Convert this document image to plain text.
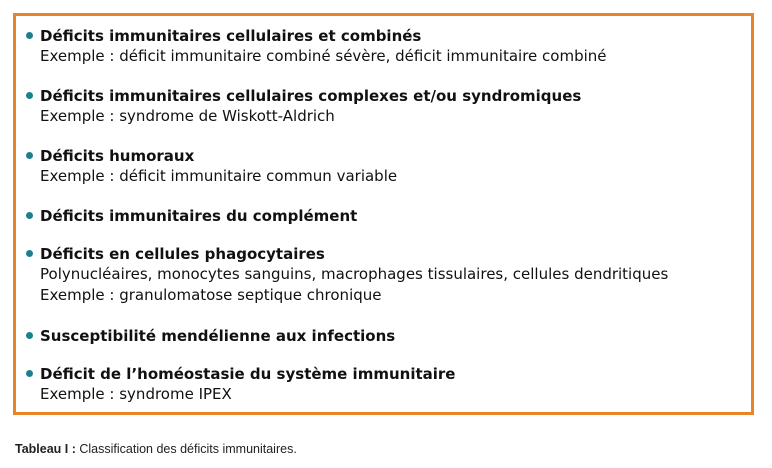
Déficits immunitaires cellulaires et combinés
Exemple : déficit immunitaire combiné sévère, déficit immunitaire combiné
Déficits immunitaires cellulaires complexes et/ou syndromiques
Exemple : syndrome de Wiskott-Aldrich
Déficits humoraux
Exemple : déficit immunitaire commun variable
Déficits immunitaires du complément
Déficits en cellules phagocytaires
Polynucléaires, monocytes sanguins, macrophages tissulaires, cellules dendritiques
Exemple : granulomatose septique chronique
Susceptibilité mendélienne aux infections
Déficit de l’homéostasie du système immunitaire
Exemple : syndrome IPEX
Tableau I : Classification des déficits immunitaires.
